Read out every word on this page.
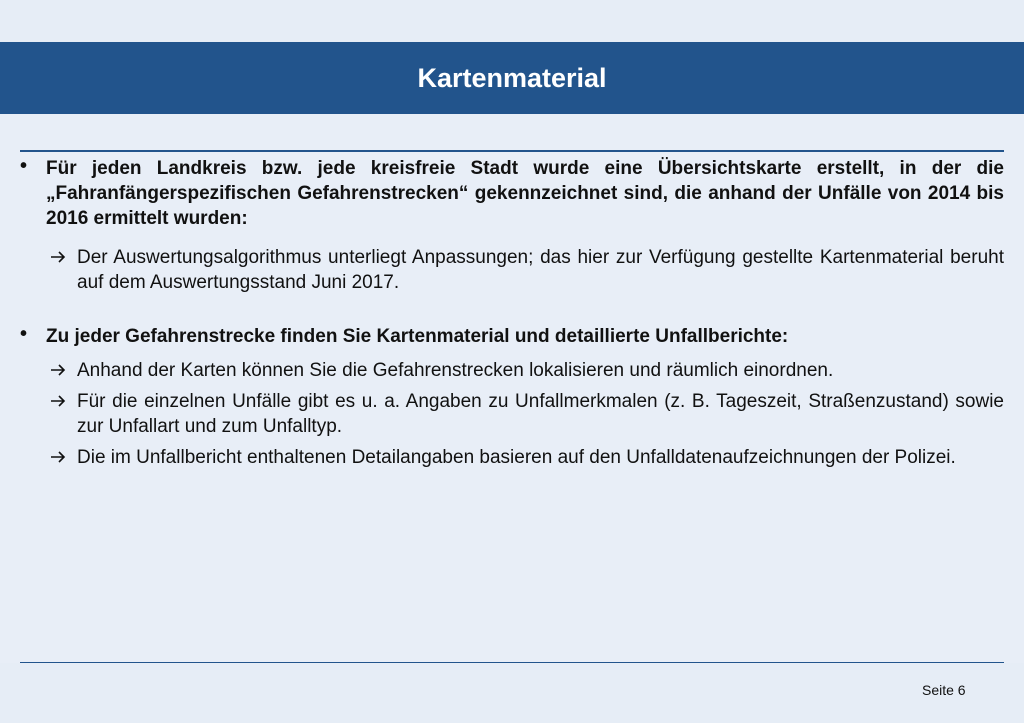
Kartenmaterial
• Für jeden Landkreis bzw. jede kreisfreie Stadt wurde eine Übersichtskarte erstellt, in der die „Fahranfängerspezifischen Gefahrenstrecken“ gekennzeichnet sind, die anhand der Unfälle von 2014 bis 2016 ermittelt wurden:
Der Auswertungsalgorithmus unterliegt Anpassungen; das hier zur Verfügung gestellte Kartenmaterial beruht auf dem Auswertungsstand Juni 2017.
• Zu jeder Gefahrenstrecke finden Sie Kartenmaterial und detaillierte Unfallberichte:
Anhand der Karten können Sie die Gefahrenstrecken lokalisieren und räumlich einordnen.
Für die einzelnen Unfälle gibt es u. a. Angaben zu Unfallmerkmalen (z. B. Tageszeit, Straßenzustand) sowie zur Unfallart und zum Unfalltyp.
Die im Unfallbericht enthaltenen Detailangaben basieren auf den Unfalldatenaufzeichnungen der Polizei.
Seite 6
